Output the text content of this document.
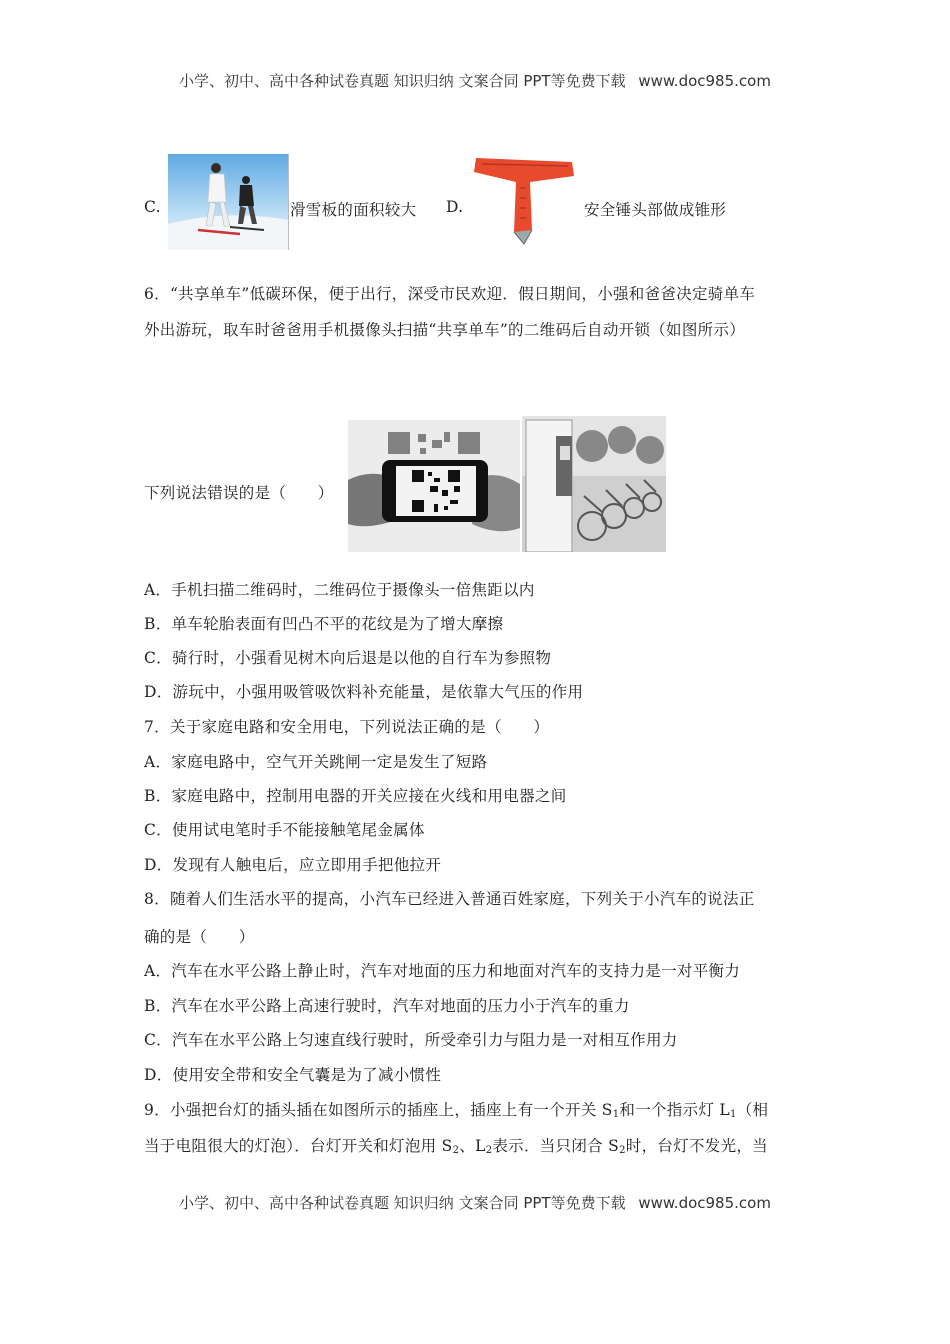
小学、初中、高中各种试卷真题 知识归纳 文案合同 PPT等免费下载 www.doc985.com
C.	滑雪板的面积较大 D.	安全锤头部做成锥形
6．“共享单车”低碳环保，便于出行，深受市民欢迎．假日期间，小强和爸爸决定骑单车
外出游玩，取车时爸爸用手机摄像头扫描“共享单车”的二维码后自动开锁（如图所示）
下列说法错误的是（　　）
A．手机扫描二维码时，二维码位于摄像头一倍焦距以内
B．单车轮胎表面有凹凸不平的花纹是为了增大摩擦
C．骑行时，小强看见树木向后退是以他的自行车为参照物
D．游玩中，小强用吸管吸饮料补充能量，是依靠大气压的作用
7．关于家庭电路和安全用电，下列说法正确的是（　　）
A．家庭电路中，空气开关跳闸一定是发生了短路
B．家庭电路中，控制用电器的开关应接在火线和用电器之间
C．使用试电笔时手不能接触笔尾金属体
D．发现有人触电后，应立即用手把他拉开
8．随着人们生活水平的提高，小汽车已经进入普通百姓家庭，下列关于小汽车的说法正
确的是（　　）
A．汽车在水平公路上静止时，汽车对地面的压力和地面对汽车的支持力是一对平衡力
B．汽车在水平公路上高速行驶时，汽车对地面的压力小于汽车的重力
C．汽车在水平公路上匀速直线行驶时，所受牵引力与阻力是一对相互作用力
D．使用安全带和安全气囊是为了减小惯性
9．小强把台灯的插头插在如图所示的插座上，插座上有一个开关 $S_1$和一个指示灯 $L_1$（相
当于电阻很大的灯泡）．台灯开关和灯泡用 $S_2$、$L_2$表示．当只闭合 $S_2$时，台灯不发光，当
小学、初中、高中各种试卷真题 知识归纳 文案合同 PPT等免费下载 www.doc985.com
